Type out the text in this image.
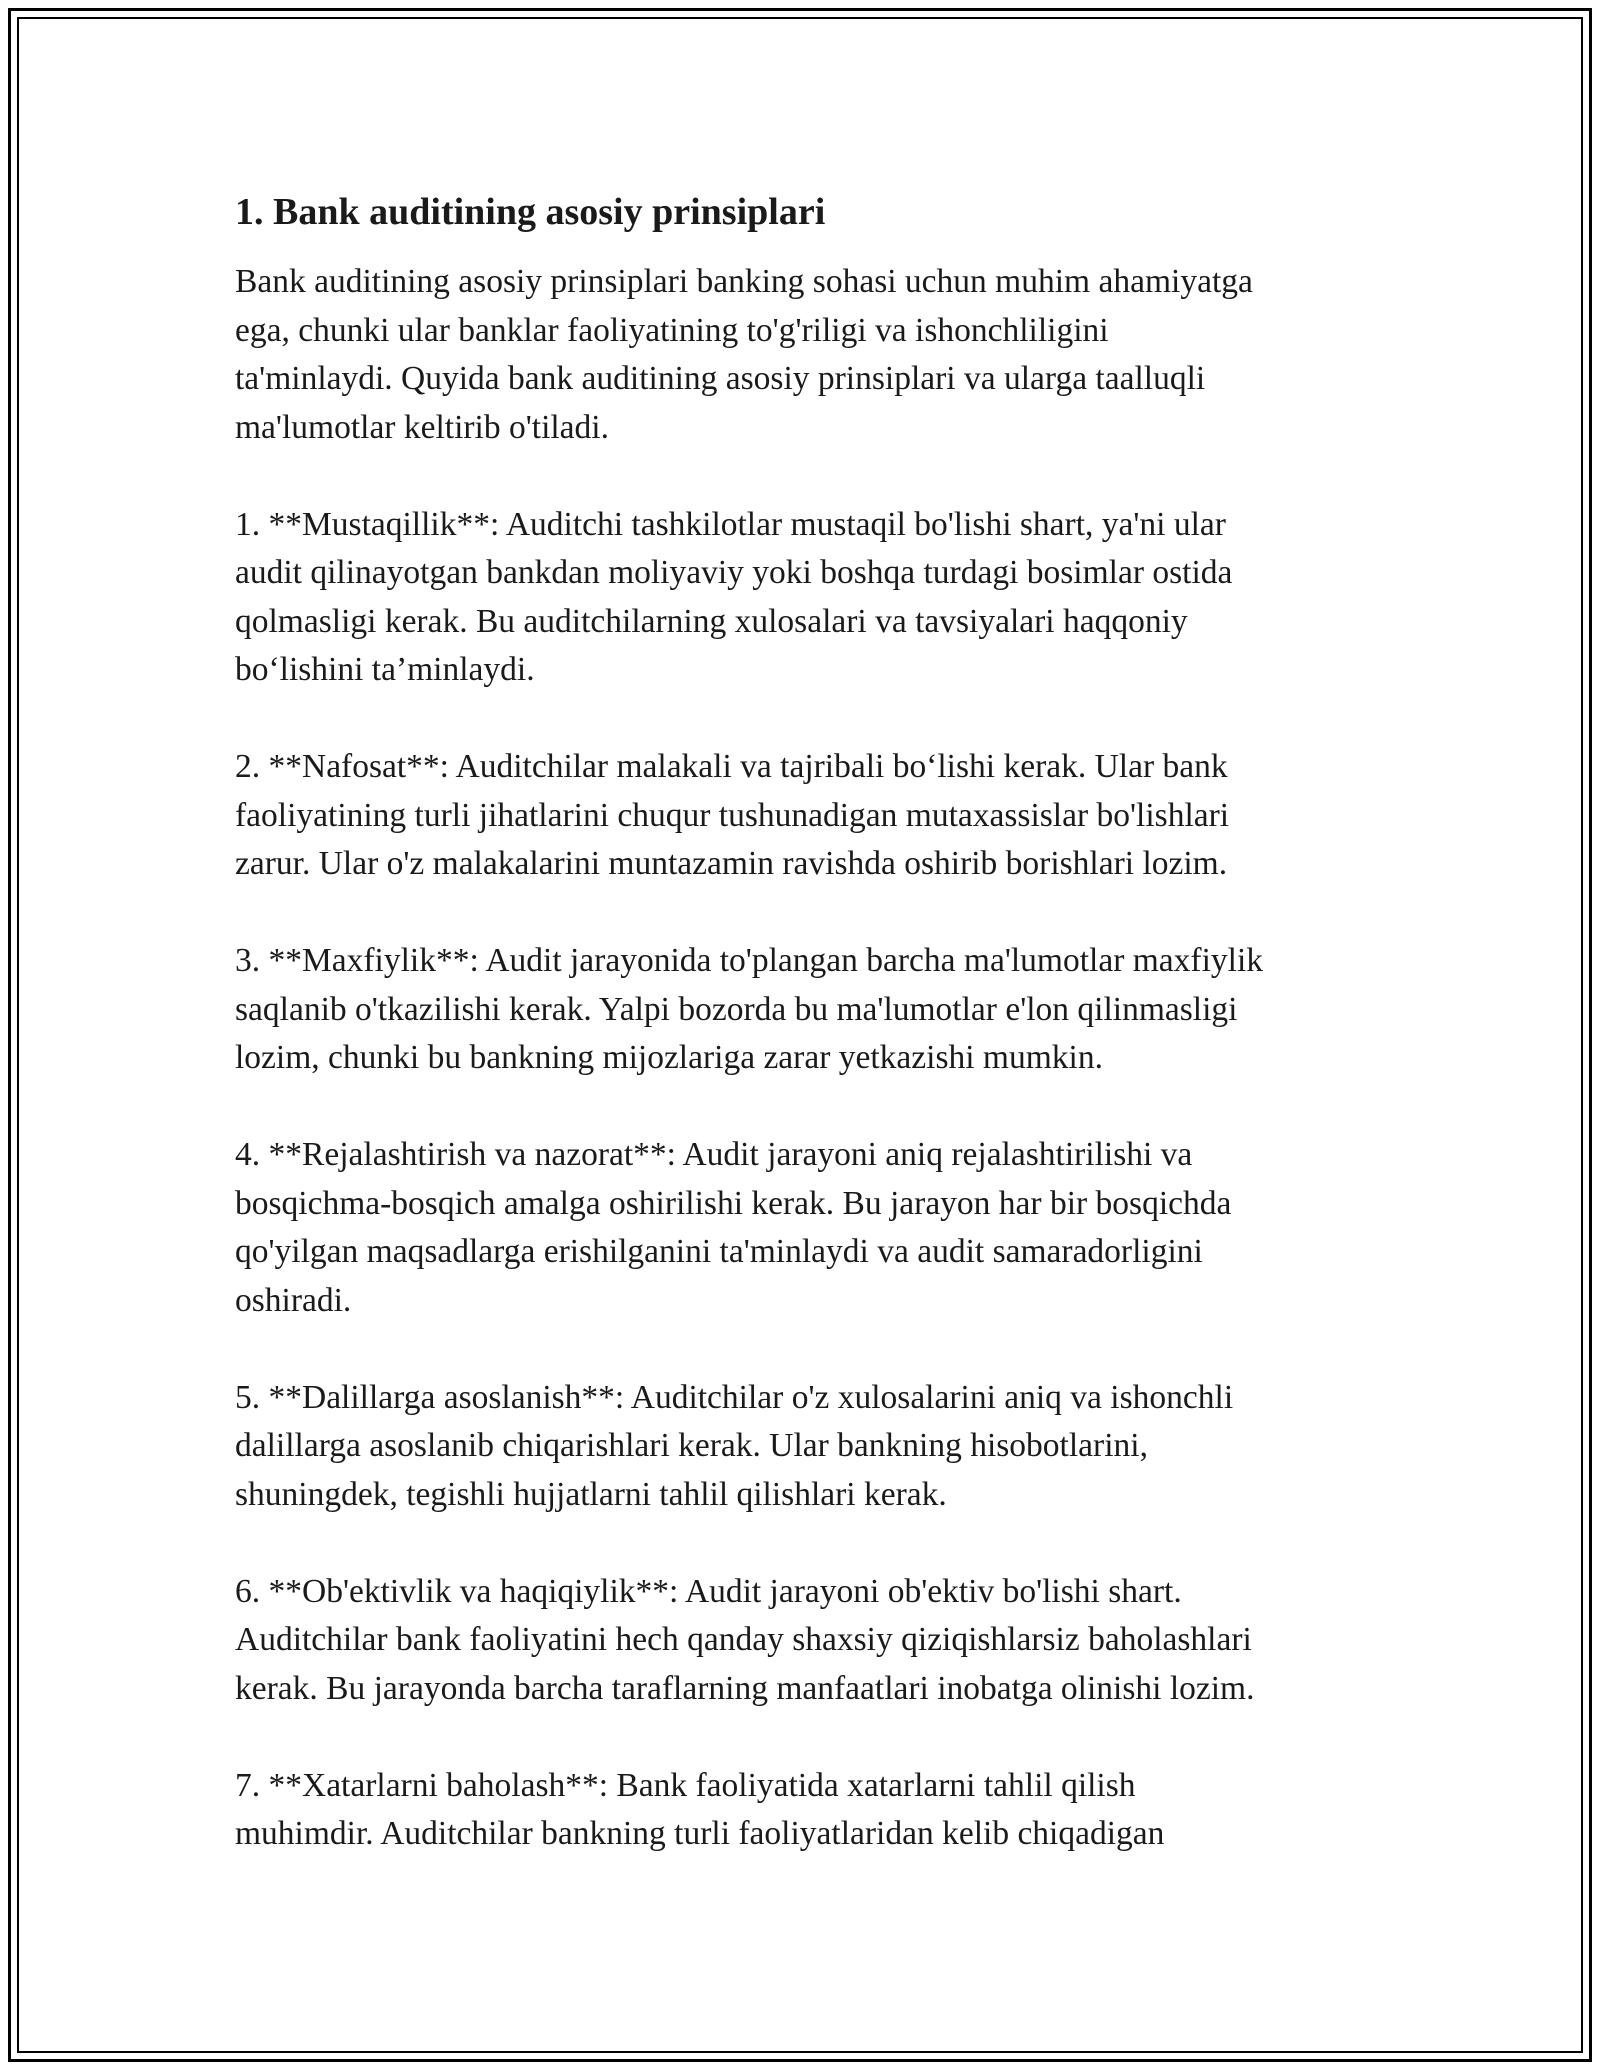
1. Bank auditining asosiy prinsiplari

Bank auditining asosiy prinsiplari banking sohasi uchun muhim ahamiyatga
ega, chunki ular banklar faoliyatining to'g'riligi va ishonchliligini
ta'minlaydi. Quyida bank auditining asosiy prinsiplari va ularga taalluqli
ma'lumotlar keltirib o'tiladi.

1. **Mustaqillik**: Auditchi tashkilotlar mustaqil bo'lishi shart, ya'ni ular
audit qilinayotgan bankdan moliyaviy yoki boshqa turdagi bosimlar ostida
qolmasligi kerak. Bu auditchilarning xulosalari va tavsiyalari haqqoniy
bo‘lishini ta’minlaydi.

2. **Nafosat**: Auditchilar malakali va tajribali bo‘lishi kerak. Ular bank
faoliyatining turli jihatlarini chuqur tushunadigan mutaxassislar bo'lishlari
zarur. Ular o'z malakalarini muntazamin ravishda oshirib borishlari lozim.

3. **Maxfiylik**: Audit jarayonida to'plangan barcha ma'lumotlar maxfiylik
saqlanib o'tkazilishi kerak. Yalpi bozorda bu ma'lumotlar e'lon qilinmasligi
lozim, chunki bu bankning mijozlariga zarar yetkazishi mumkin.

4. **Rejalashtirish va nazorat**: Audit jarayoni aniq rejalashtirilishi va
bosqichma-bosqich amalga oshirilishi kerak. Bu jarayon har bir bosqichda
qo'yilgan maqsadlarga erishilganini ta'minlaydi va audit samaradorligini
oshiradi.

5. **Dalillarga asoslanish**: Auditchilar o'z xulosalarini aniq va ishonchli
dalillarga asoslanib chiqarishlari kerak. Ular bankning hisobotlarini,
shuningdek, tegishli hujjatlarni tahlil qilishlari kerak.

6. **Ob'ektivlik va haqiqiylik**: Audit jarayoni ob'ektiv bo'lishi shart.
Auditchilar bank faoliyatini hech qanday shaxsiy qiziqishlarsiz baholashlari
kerak. Bu jarayonda barcha taraflarning manfaatlari inobatga olinishi lozim.

7. **Xatarlarni baholash**: Bank faoliyatida xatarlarni tahlil qilish
muhimdir. Auditchilar bankning turli faoliyatlaridan kelib chiqadigan
